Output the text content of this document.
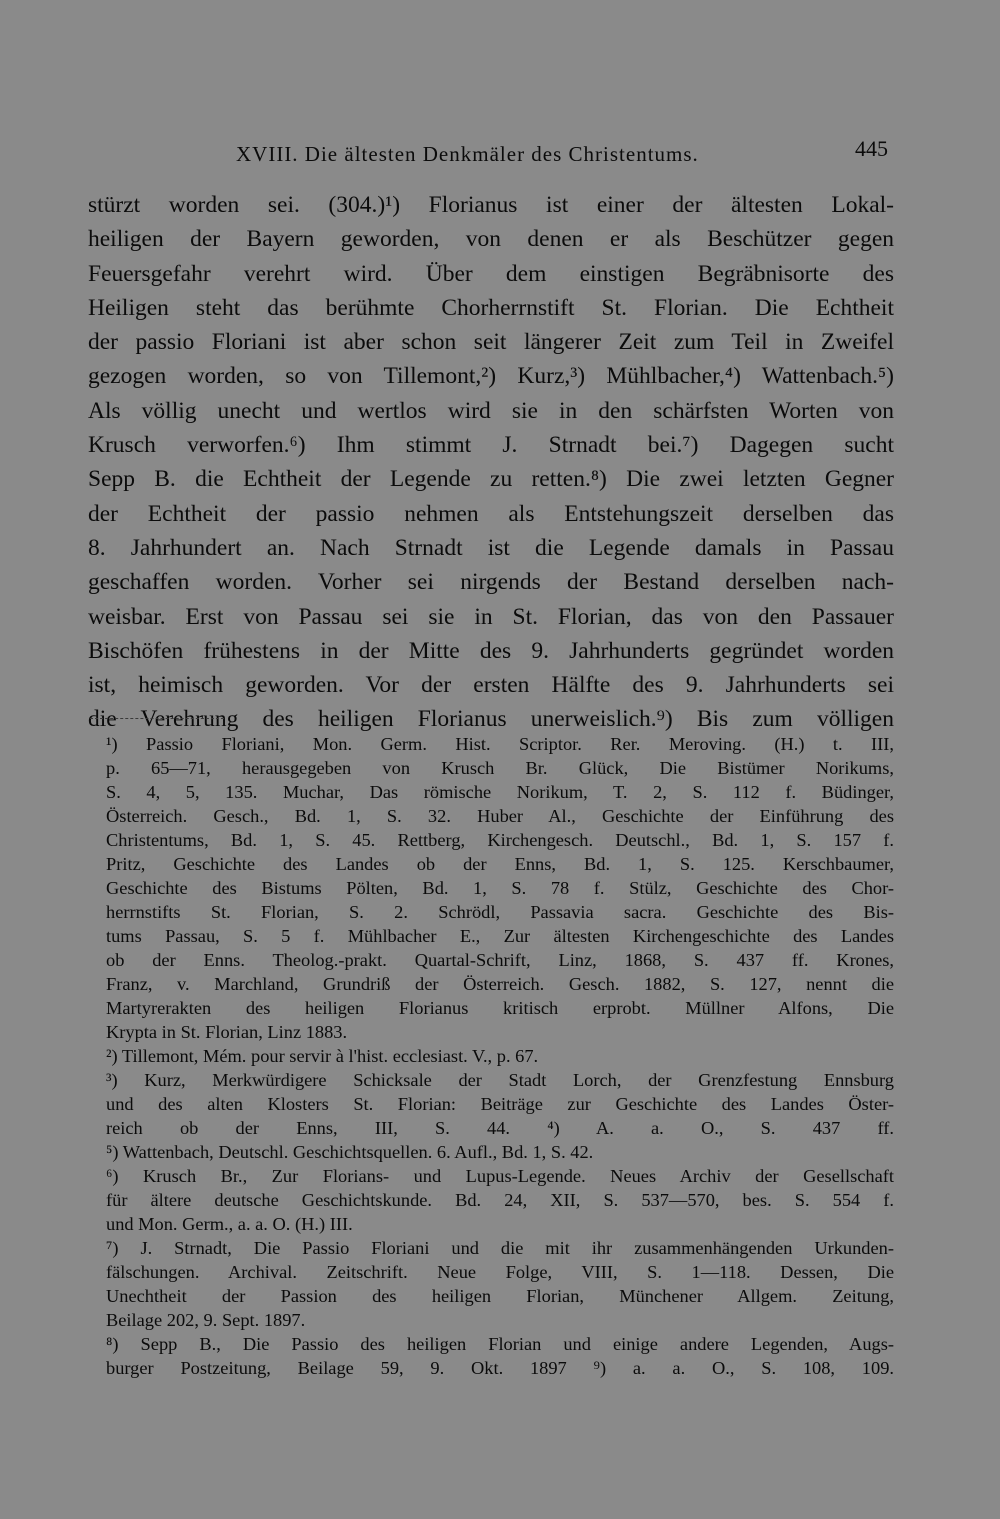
XVIII. Die ältesten Denkmäler des Christentums.	445
stürzt worden sei. (304.)¹) Florianus ist einer der ältesten Lokal-
heiligen der Bayern geworden, von denen er als Beschützer gegen
Feuersgefahr verehrt wird. Über dem einstigen Begräbnisorte des
Heiligen steht das berühmte Chorherrnstift St. Florian. Die Echtheit
der passio Floriani ist aber schon seit längerer Zeit zum Teil in Zweifel
gezogen worden, so von Tillemont,²) Kurz,³) Mühlbacher,⁴) Wattenbach.⁵)
Als völlig unecht und wertlos wird sie in den schärfsten Worten von
Krusch verworfen.⁶) Ihm stimmt J. Strnadt bei.⁷) Dagegen sucht
Sepp B. die Echtheit der Legende zu retten.⁸) Die zwei letzten Gegner
der Echtheit der passio nehmen als Entstehungszeit derselben das
8. Jahrhundert an. Nach Strnadt ist die Legende damals in Passau
geschaffen worden. Vorher sei nirgends der Bestand derselben nach-
weisbar. Erst von Passau sei sie in St. Florian, das von den Passauer
Bischöfen frühestens in der Mitte des 9. Jahrhunderts gegründet worden
ist, heimisch geworden. Vor der ersten Hälfte des 9. Jahrhunderts sei
die Verehrung des heiligen Florianus unerweislich.⁹) Bis zum völligen
¹) Passio Floriani, Mon. Germ. Hist. Scriptor. Rer. Meroving. (H.) t. III,
p. 65—71, herausgegeben von Krusch Br. Glück, Die Bistümer Norikums,
S. 4, 5, 135. Muchar, Das römische Norikum, T. 2, S. 112 f. Büdinger,
Österreich. Gesch., Bd. 1, S. 32. Huber Al., Geschichte der Einführung des
Christentums, Bd. 1, S. 45. Rettberg, Kirchengesch. Deutschl., Bd. 1, S. 157 f.
Pritz, Geschichte des Landes ob der Enns, Bd. 1, S. 125. Kerschbaumer,
Geschichte des Bistums Pölten, Bd. 1, S. 78 f. Stülz, Geschichte des Chor-
herrnstifts St. Florian, S. 2. Schrödl, Passavia sacra. Geschichte des Bis-
tums Passau, S. 5 f. Mühlbacher E., Zur ältesten Kirchengeschichte des Landes
ob der Enns. Theolog.-prakt. Quartal-Schrift, Linz, 1868, S. 437 ff. Krones,
Franz, v. Marchland, Grundriß der Österreich. Gesch. 1882, S. 127, nennt die
Martyrerakten des heiligen Florianus kritisch erprobt. Müllner Alfons, Die
Krypta in St. Florian, Linz 1883.
²) Tillemont, Mém. pour servir à l'hist. ecclesiast. V., p. 67.
³) Kurz, Merkwürdigere Schicksale der Stadt Lorch, der Grenzfestung Ennsburg
und des alten Klosters St. Florian: Beiträge zur Geschichte des Landes Öster-
reich ob der Enns, III, S. 44. ⁴) A. a. O., S. 437 ff.
⁵) Wattenbach, Deutschl. Geschichtsquellen. 6. Aufl., Bd. 1, S. 42.
⁶) Krusch Br., Zur Florians- und Lupus-Legende. Neues Archiv der Gesellschaft
für ältere deutsche Geschichtskunde. Bd. 24, XII, S. 537—570, bes. S. 554 f.
und Mon. Germ., a. a. O. (H.) III.
⁷) J. Strnadt, Die Passio Floriani und die mit ihr zusammenhängenden Urkunden-
fälschungen. Archival. Zeitschrift. Neue Folge, VIII, S. 1—118. Dessen, Die
Unechtheit der Passion des heiligen Florian, Münchener Allgem. Zeitung,
Beilage 202, 9. Sept. 1897.
⁸) Sepp B., Die Passio des heiligen Florian und einige andere Legenden, Augs-
burger Postzeitung, Beilage 59, 9. Okt. 1897 ⁹) a. a. O., S. 108, 109.
